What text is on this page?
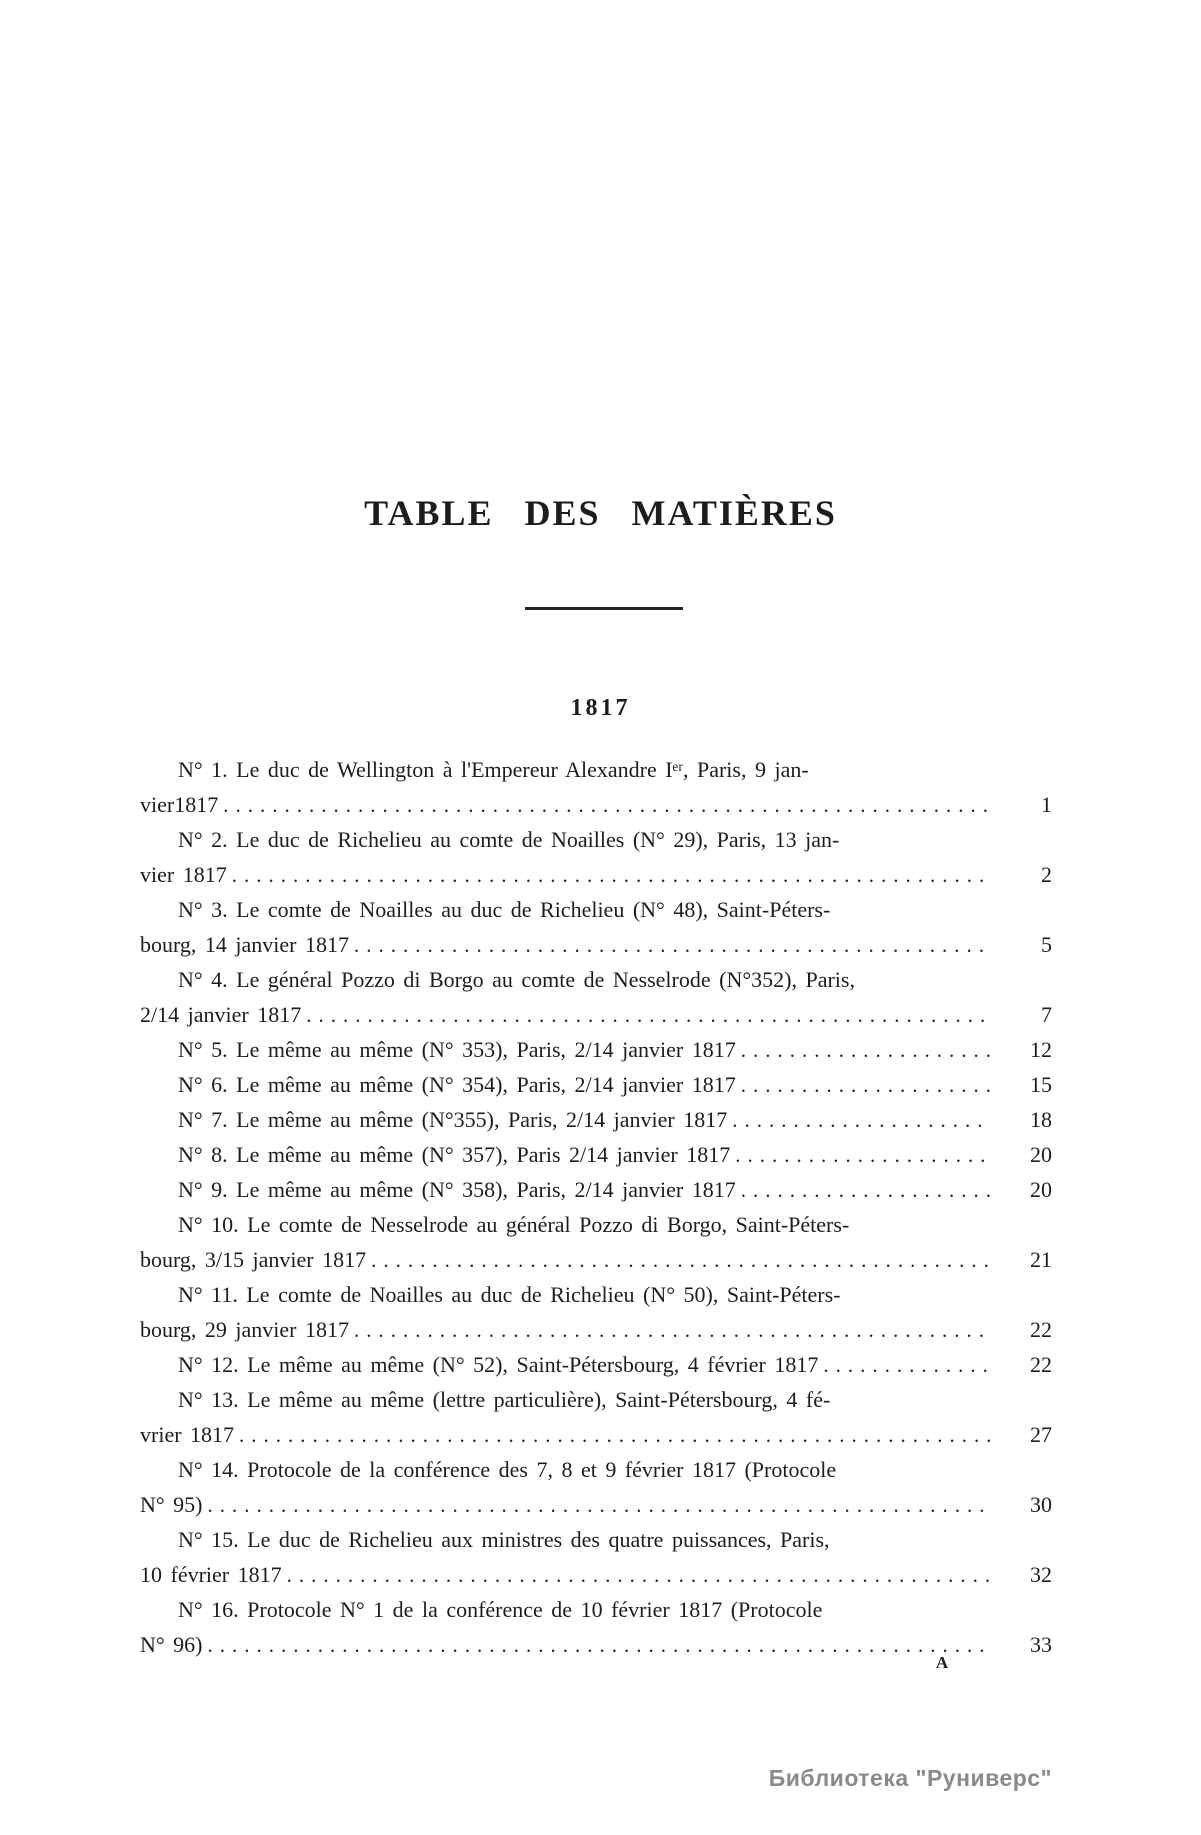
TABLE DES MATIÈRES
1817
N° 1. Le duc de Wellington à l'Empereur Alexandre Iᵉʳ, Paris, 9 jan-
vier1817 .....	1
N° 2. Le duc de Richelieu au comte de Noailles (N° 29), Paris, 13 jan-
vier 1817 .....	2
N° 3. Le comte de Noailles au duc de Richelieu (N° 48), Saint-Péters-
bourg, 14 janvier 1817 .....	5
N° 4. Le général Pozzo di Borgo au comte de Nesselrode (N°352), Paris,
2/14 janvier 1817 .....	7
N° 5. Le même au même (N° 353), Paris, 2/14 janvier 1817 .....	12
N° 6. Le même au même (N° 354), Paris, 2/14 janvier 1817 .....	15
N° 7. Le même au même (N°355), Paris, 2/14 janvier 1817 .....	18
N° 8. Le même au même (N° 357), Paris 2/14 janvier 1817 .....	20
N° 9. Le même au même (N° 358), Paris, 2/14 janvier 1817 .....	20
N° 10. Le comte de Nesselrode au général Pozzo di Borgo, Saint-Péters-
bourg, 3/15 janvier 1817 .....	21
N° 11. Le comte de Noailles au duc de Richelieu (N° 50), Saint-Péters-
bourg, 29 janvier 1817 .....	22
N° 12. Le même au même (N° 52), Saint-Pétersbourg, 4 février 1817 .....	22
N° 13. Le même au même (lettre particulière), Saint-Pétersbourg, 4 fé-
vrier 1817 .....	27
N° 14. Protocole de la conférence des 7, 8 et 9 février 1817 (Protocole
N° 95) .....	30
N° 15. Le duc de Richelieu aux ministres des quatre puissances, Paris,
10 février 1817 .....	32
N° 16. Protocole N° 1 de la conférence de 10 février 1817 (Protocole
N° 96) .....	33
A
Библиотека "Руниверс"
